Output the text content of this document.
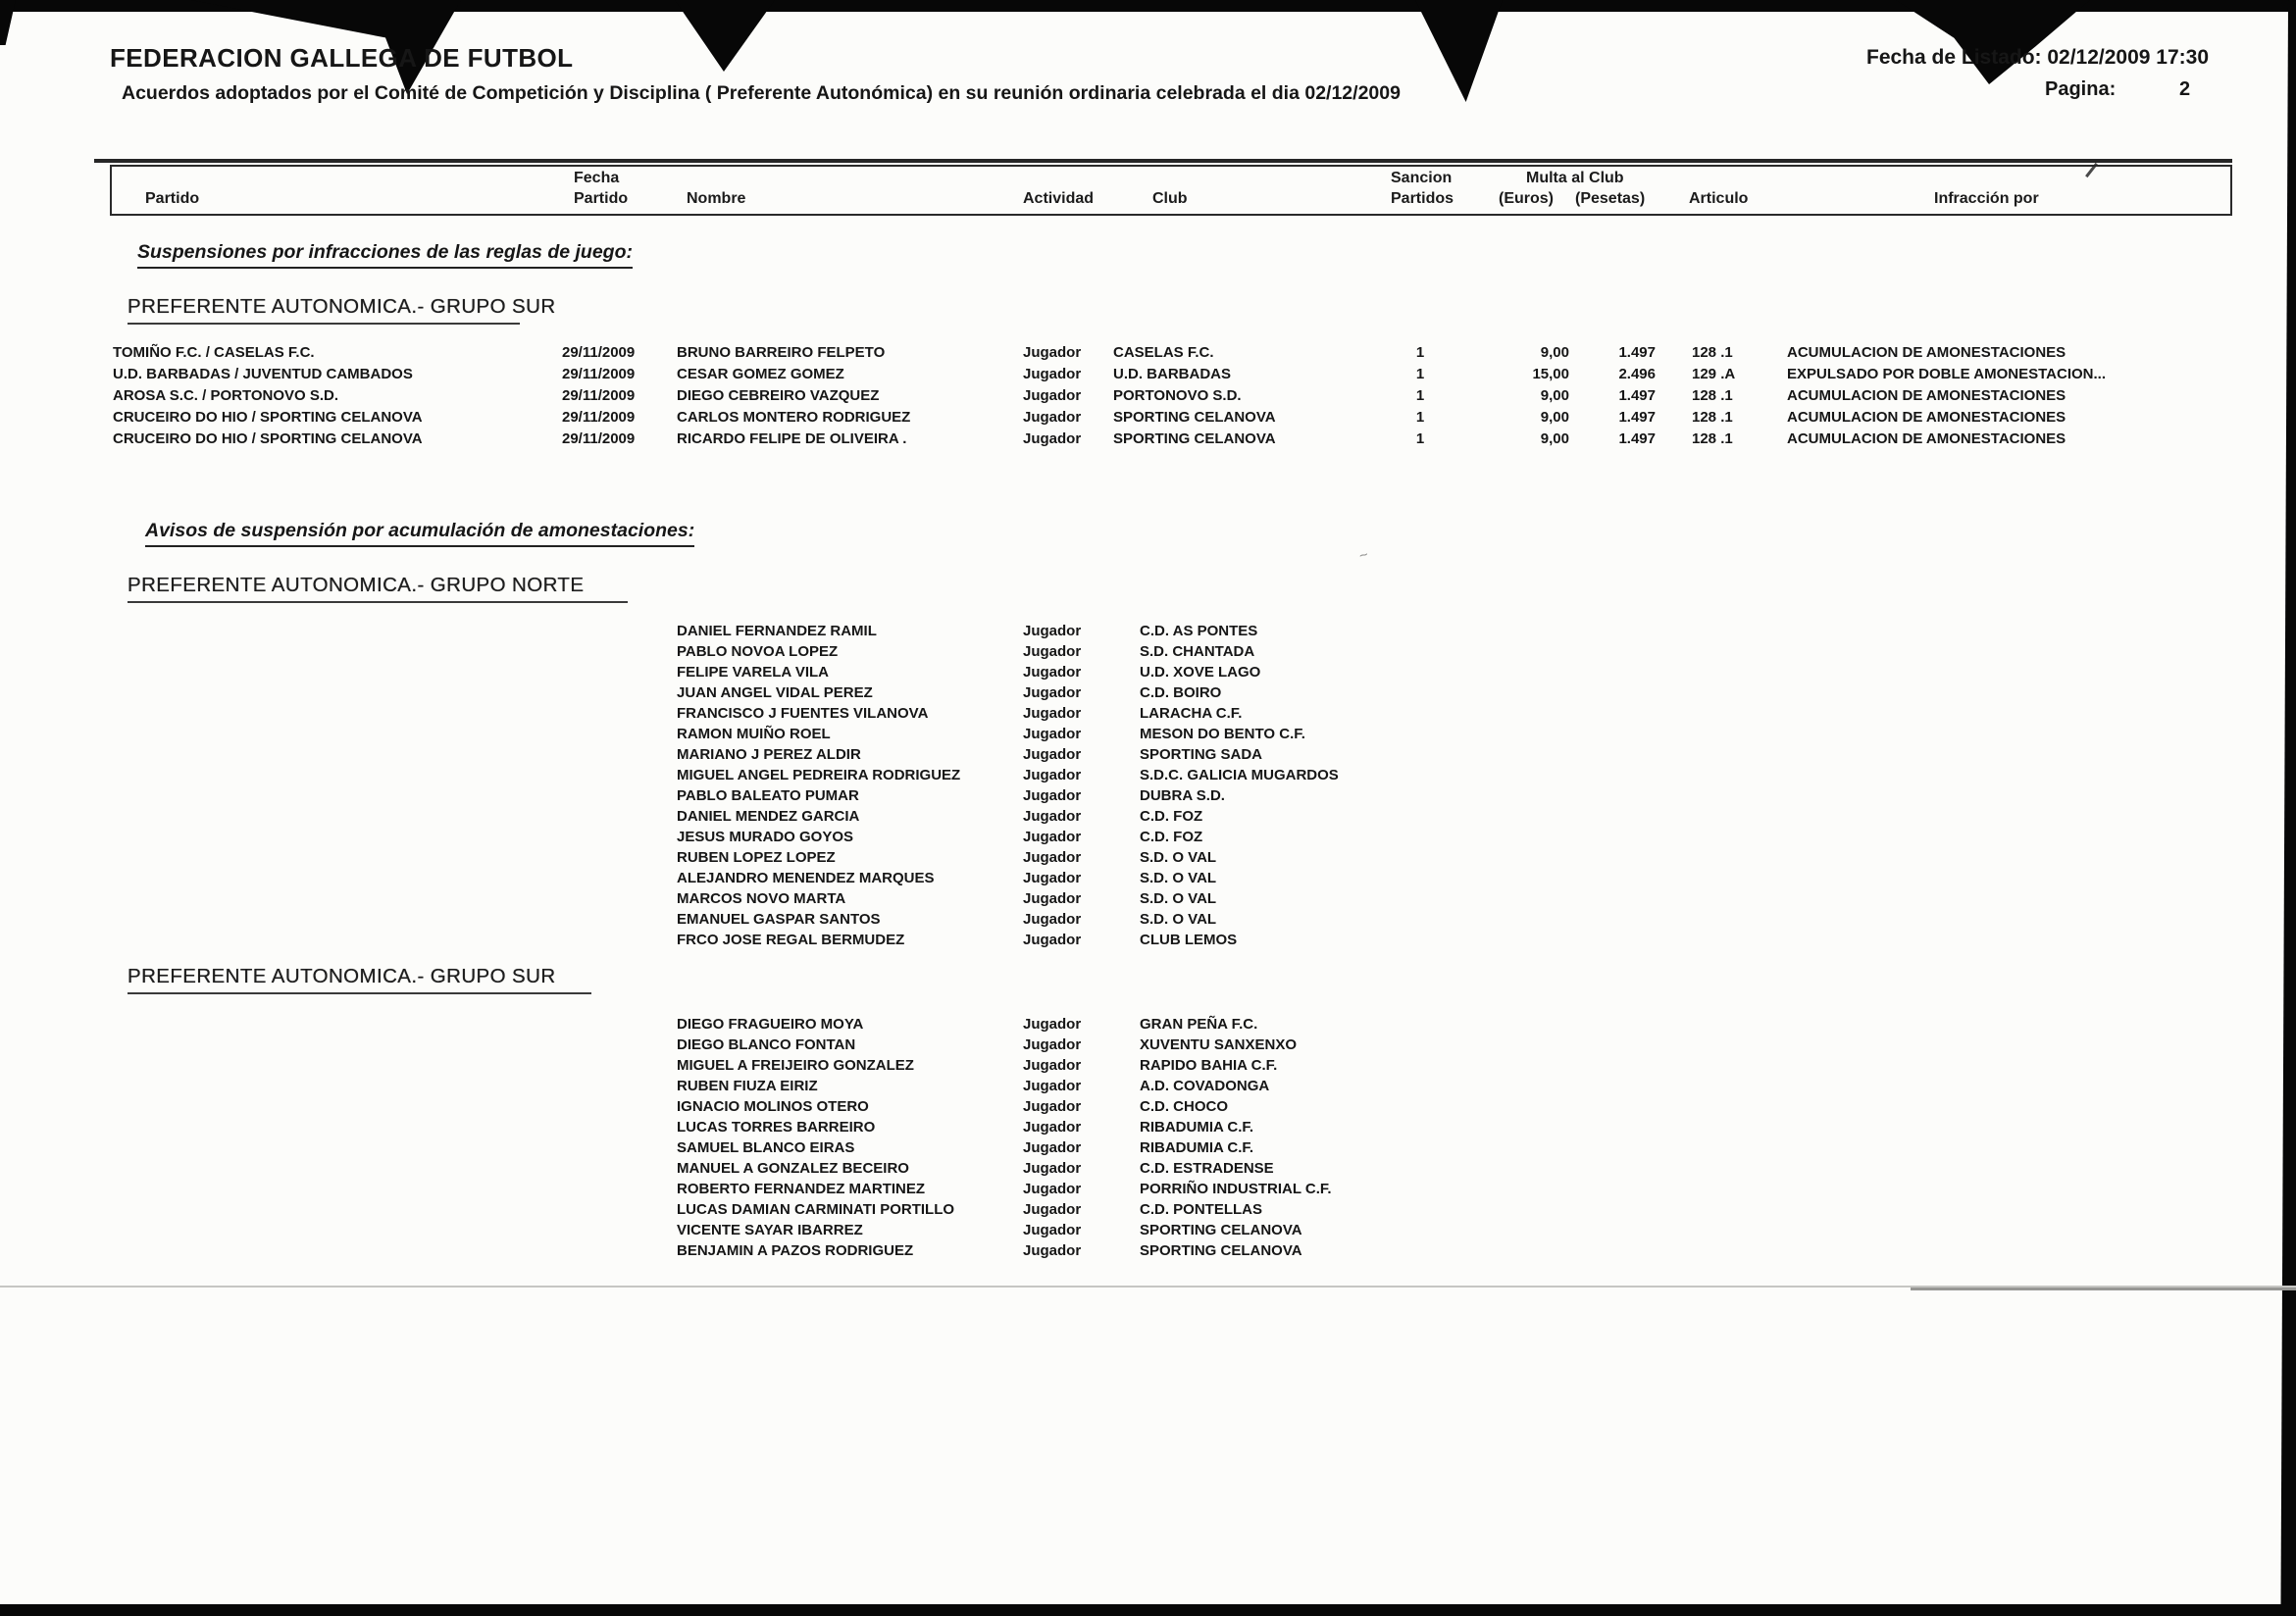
~
FEDERACION GALLEGA DE FUTBOL
Acuerdos adoptados por el Comité de Competición y Disciplina ( Preferente Autonómica) en su reunión ordinaria celebrada el dia 02/12/2009
Fecha de Listado: 02/12/2009 17:30
Pagina:	2
Partido
Fecha
Partido	Nombre	Actividad	Club
Sancion
Partidos
Multa al Club
(Euros) (Pesetas)	Articulo	Infracción por
Suspensiones por infracciones de las reglas de juego:
PREFERENTE AUTONOMICA.- GRUPO SUR
TOMIÑO F.C. / CASELAS F.C.	29/11/2009	BRUNO BARREIRO FELPETO	Jugador CASELAS F.C.	1	9,00	1.497 128 .1	ACUMULACION DE AMONESTACIONES
U.D. BARBADAS / JUVENTUD CAMBADOS	29/11/2009	CESAR GOMEZ GOMEZ	Jugador U.D. BARBADAS	1	15,00	2.496 129 .A	EXPULSADO POR DOBLE AMONESTACION...
AROSA S.C. / PORTONOVO S.D.	29/11/2009	DIEGO CEBREIRO VAZQUEZ	Jugador PORTONOVO S.D.	1	9,00	1.497 128 .1	ACUMULACION DE AMONESTACIONES
CRUCEIRO DO HIO / SPORTING CELANOVA	29/11/2009	CARLOS MONTERO RODRIGUEZ	Jugador SPORTING CELANOVA	1	9,00	1.497 128 .1	ACUMULACION DE AMONESTACIONES
CRUCEIRO DO HIO / SPORTING CELANOVA	29/11/2009	RICARDO FELIPE DE OLIVEIRA .	Jugador SPORTING CELANOVA	1	9,00	1.497 128 .1	ACUMULACION DE AMONESTACIONES
Avisos de suspensión por acumulación de amonestaciones:
PREFERENTE AUTONOMICA.- GRUPO NORTE
DANIEL FERNANDEZ RAMIL	Jugador	C.D. AS PONTES
PABLO NOVOA LOPEZ	Jugador	S.D. CHANTADA
FELIPE VARELA VILA	Jugador	U.D. XOVE LAGO
JUAN ANGEL VIDAL PEREZ	Jugador	C.D. BOIRO
FRANCISCO J FUENTES VILANOVA	Jugador	LARACHA C.F.
RAMON MUIÑO ROEL	Jugador	MESON DO BENTO C.F.
MARIANO J PEREZ ALDIR	Jugador	SPORTING SADA
MIGUEL ANGEL PEDREIRA RODRIGUEZ	Jugador	S.D.C. GALICIA MUGARDOS
PABLO BALEATO PUMAR	Jugador	DUBRA S.D.
DANIEL MENDEZ GARCIA	Jugador	C.D. FOZ
JESUS MURADO GOYOS	Jugador	C.D. FOZ
RUBEN LOPEZ LOPEZ	Jugador	S.D. O VAL
ALEJANDRO MENENDEZ MARQUES	Jugador	S.D. O VAL
MARCOS NOVO MARTA	Jugador	S.D. O VAL
EMANUEL GASPAR SANTOS	Jugador	S.D. O VAL
FRCO JOSE REGAL BERMUDEZ	Jugador	CLUB LEMOS
PREFERENTE AUTONOMICA.- GRUPO SUR
DIEGO FRAGUEIRO MOYA	Jugador	GRAN PEÑA F.C.
DIEGO BLANCO FONTAN	Jugador	XUVENTU SANXENXO
MIGUEL A FREIJEIRO GONZALEZ	Jugador	RAPIDO BAHIA C.F.
RUBEN FIUZA EIRIZ	Jugador	A.D. COVADONGA
IGNACIO MOLINOS OTERO	Jugador	C.D. CHOCO
LUCAS TORRES BARREIRO	Jugador	RIBADUMIA C.F.
SAMUEL BLANCO EIRAS	Jugador	RIBADUMIA C.F.
MANUEL A GONZALEZ BECEIRO	Jugador	C.D. ESTRADENSE
ROBERTO FERNANDEZ MARTINEZ	Jugador	PORRIÑO INDUSTRIAL C.F.
LUCAS DAMIAN CARMINATI PORTILLO	Jugador	C.D. PONTELLAS
VICENTE SAYAR IBARREZ	Jugador	SPORTING CELANOVA
BENJAMIN A PAZOS RODRIGUEZ	Jugador	SPORTING CELANOVA
